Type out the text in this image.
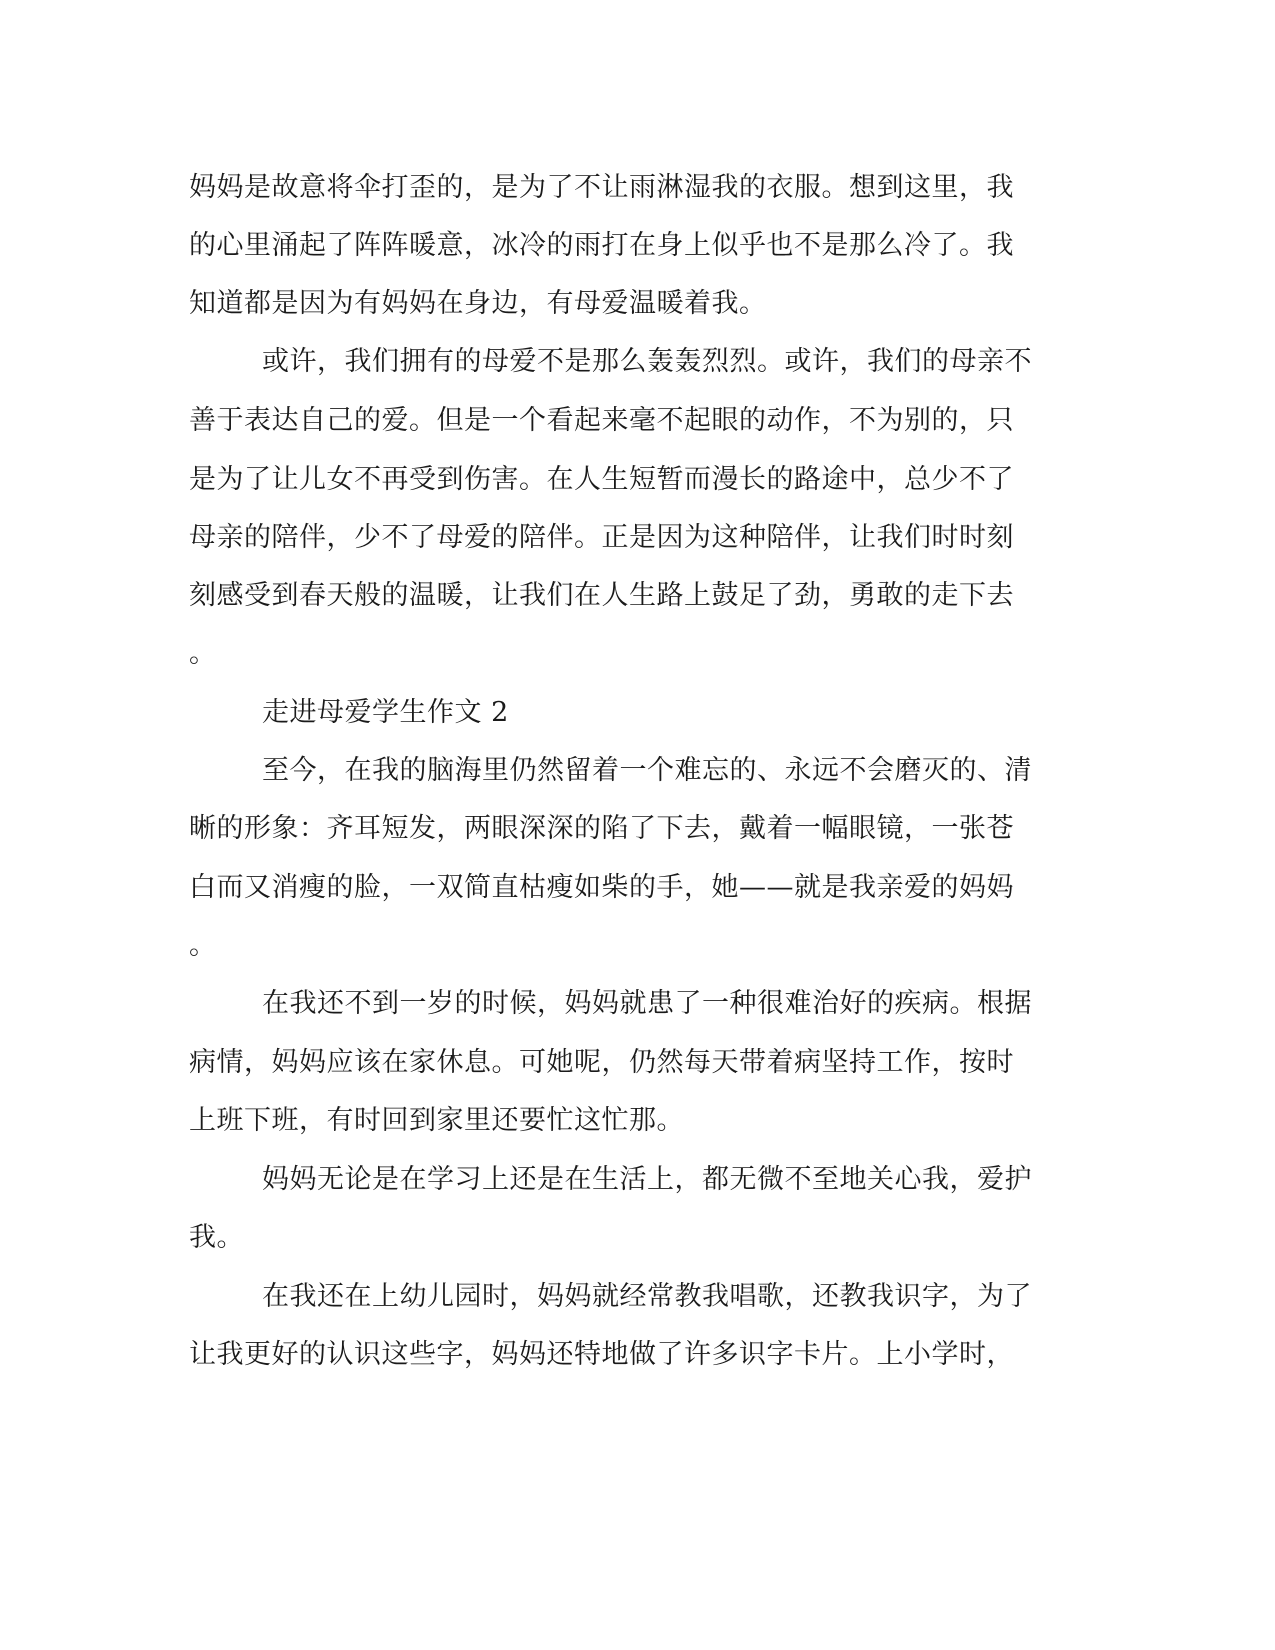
妈妈是故意将伞打歪的，是为了不让雨淋湿我的衣服。想到这里，我
的心里涌起了阵阵暖意，冰冷的雨打在身上似乎也不是那么冷了。我
知道都是因为有妈妈在身边，有母爱温暖着我。
或许，我们拥有的母爱不是那么轰轰烈烈。或许，我们的母亲不
善于表达自己的爱。但是一个看起来毫不起眼的动作，不为别的，只
是为了让儿女不再受到伤害。在人生短暂而漫长的路途中，总少不了
母亲的陪伴，少不了母爱的陪伴。正是因为这种陪伴，让我们时时刻
刻感受到春天般的温暖，让我们在人生路上鼓足了劲，勇敢的走下去
。
走进母爱学生作文 2
至今，在我的脑海里仍然留着一个难忘的、永远不会磨灭的、清
晰的形象：齐耳短发，两眼深深的陷了下去，戴着一幅眼镜，一张苍
白而又消瘦的脸，一双简直枯瘦如柴的手，她——就是我亲爱的妈妈
。
在我还不到一岁的时候，妈妈就患了一种很难治好的疾病。根据
病情，妈妈应该在家休息。可她呢，仍然每天带着病坚持工作，按时
上班下班，有时回到家里还要忙这忙那。
妈妈无论是在学习上还是在生活上，都无微不至地关心我，爱护
我。
在我还在上幼儿园时，妈妈就经常教我唱歌，还教我识字，为了
让我更好的认识这些字，妈妈还特地做了许多识字卡片。上小学时，
